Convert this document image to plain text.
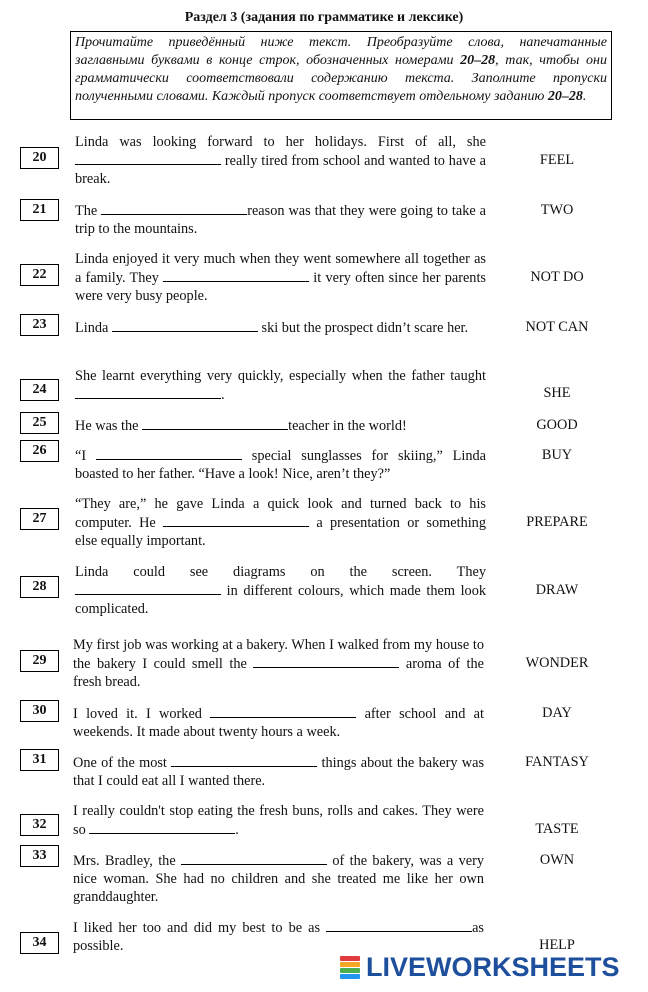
Раздел 3 (задания по грамматике и лексике)
Прочитайте приведённый ниже текст. Преобразуйте слова, напечатанные заглавными буквами в конце строк, обозначенных номерами 20–28, так, чтобы они грамматически соответствовали содержанию текста. Заполните пропуски полученными словами. Каждый пропуск соответствует отдельному заданию 20–28.
20
Linda was looking forward to her holidays. First of all, she  really tired from school and wanted to have a break.
FEEL
21	The	reason was that they were going to take a trip to the mountains.
TWO
22
Linda enjoyed it very much when they went somewhere all together as a family. They	it very often since her parents were very busy people.
NOT DO
23	Linda	ski but the prospect didn’t scare her.	NOT CAN
24
She learnt everything very quickly, especially when the father taught .	SHE
25	He was the	teacher in the world!	GOOD
26	“I	special sunglasses for skiing,” Linda boasted to her father. “Have a look! Nice, aren’t they?”
BUY
27
“They are,” he gave Linda a quick look and turned back to his computer. He	a presentation or something else equally important.
PREPARE
28
Linda could see diagrams on the screen. They  in different colours, which made them look complicated.
DRAW
29
My first job was working at a bakery. When I walked from my house to the bakery I could smell the	aroma of the fresh bread.
WONDER
30	I loved it. I worked	after school and at weekends. It made about twenty hours a week.
DAY
31	One of the most	things about the bakery was that I could eat all I wanted there.
FANTASY
32
I really couldn't stop eating the fresh buns, rolls and cakes. They were so	.	TASTE
33	Mrs. Bradley, the	of the bakery, was a very nice woman. She had no children and she treated me like her own granddaughter.
OWN
34
I liked her too and did my best to be as	as possible.	HELP
LIVEWORKSHEETS
